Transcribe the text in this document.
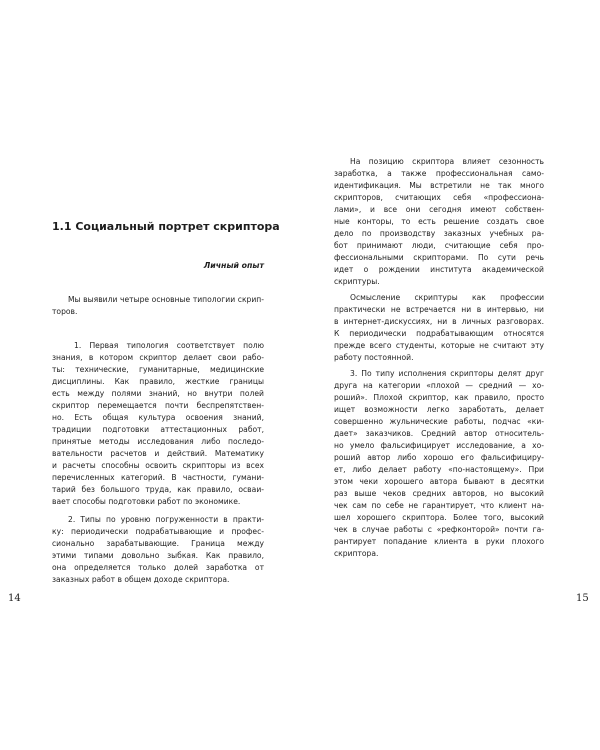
1.1 Социальный портрет скриптора
Личный опыт
Мы выявили четыре основные типологии скрип-
торов.
1. Первая типология соответствует полю
знания, в котором скриптор делает свои рабо-
ты: технические, гуманитарные, медицинские
дисциплины. Как правило, жесткие границы
есть между полями знаний, но внутри полей
скриптор перемещается почти беспрепятствен-
но. Есть общая культура освоения знаний,
традиции подготовки аттестационных работ,
принятые методы исследования либо последо-
вательности расчетов и действий. Математику
и расчеты способны освоить скрипторы из всех
перечисленных категорий. В частности, гумани-
тарий без большого труда, как правило, осваи-
вает способы подготовки работ по экономике.
2. Типы по уровню погруженности в практи-
ку: периодически подрабатывающие и профес-
сионально зарабатывающие. Граница между
этими типами довольно зыбкая. Как правило,
она определяется только долей заработка от
заказных работ в общем доходе скриптора.
14
На позицию скриптора влияет сезонность
заработка, а также профессиональная само-
идентификация. Мы встретили не так много
скрипторов, считающих себя «профессиона-
лами», и все они сегодня имеют собствен-
ные конторы, то есть решение создать свое
дело по производству заказных учебных ра-
бот принимают люди, считающие себя про-
фессиональными скрипторами. По сути речь
идет о рождении института академической
скриптуры.
Осмысление скриптуры как профессии
практически не встречается ни в интервью, ни
в интернет-дискуссиях, ни в личных разговорах.
К периодически подрабатывающим относятся
прежде всего студенты, которые не считают эту
работу постоянной.
3. По типу исполнения скрипторы делят друг
друга на категории «плохой — средний — хо-
роший». Плохой скриптор, как правило, просто
ищет возможности легко заработать, делает
совершенно жульнические работы, подчас «ки-
дает» заказчиков. Средний автор относитель-
но умело фальсифицирует исследование, а хо-
роший автор либо хорошо его фальсифициру-
ет, либо делает работу «по-настоящему». При
этом чеки хорошего автора бывают в десятки
раз выше чеков средних авторов, но высокий
чек сам по себе не гарантирует, что клиент на-
шел хорошего скриптора. Более того, высокий
чек в случае работы с «рефконторой» почти га-
рантирует попадание клиента в руки плохого
скриптора.
15
